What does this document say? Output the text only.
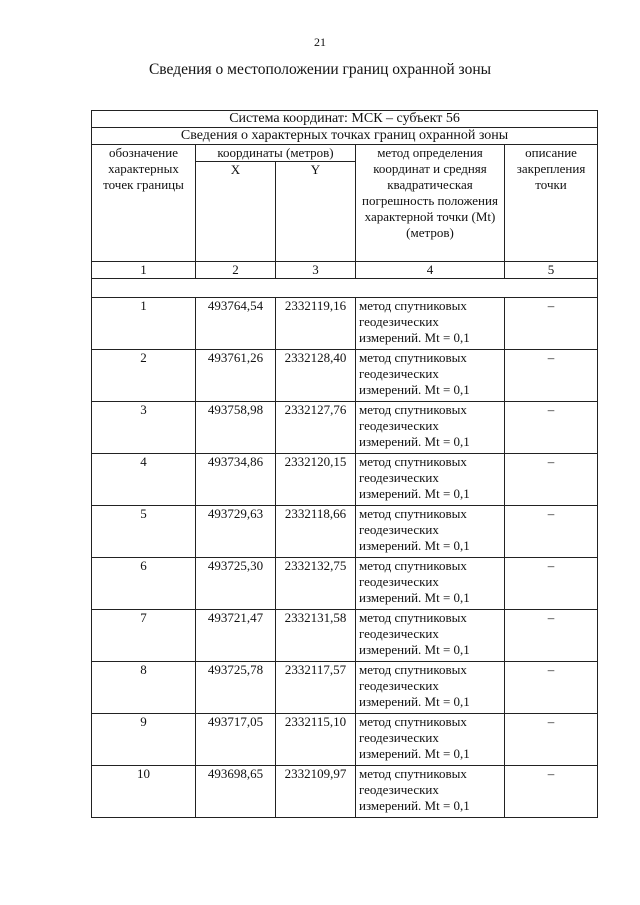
21
Сведения о местоположении границ охранной зоны
Система координат: МСК – субъект 56				
Сведения о характерных точках границ охранной зоны				
обозначение характерных точек границы	координаты (метров)		метод определения координат и средняя квадратическая погрешность положения характерной точки (Mt) (метров)	описание закрепления точки
	X	Y		
1	2	3	4	5

1	493764,54	2332119,16	метод спутниковых геодезических измерений. Mt = 0,1	–
2	493761,26	2332128,40	метод спутниковых геодезических измерений. Mt = 0,1	–
3	493758,98	2332127,76	метод спутниковых геодезических измерений. Mt = 0,1	–
4	493734,86	2332120,15	метод спутниковых геодезических измерений. Mt = 0,1	–
5	493729,63	2332118,66	метод спутниковых геодезических измерений. Mt = 0,1	–
6	493725,30	2332132,75	метод спутниковых геодезических измерений. Mt = 0,1	–
7	493721,47	2332131,58	метод спутниковых геодезических измерений. Mt = 0,1	–
8	493725,78	2332117,57	метод спутниковых геодезических измерений. Mt = 0,1	–
9	493717,05	2332115,10	метод спутниковых геодезических измерений. Mt = 0,1	–
10	493698,65	2332109,97	метод спутниковых геодезических измерений. Mt = 0,1	–
